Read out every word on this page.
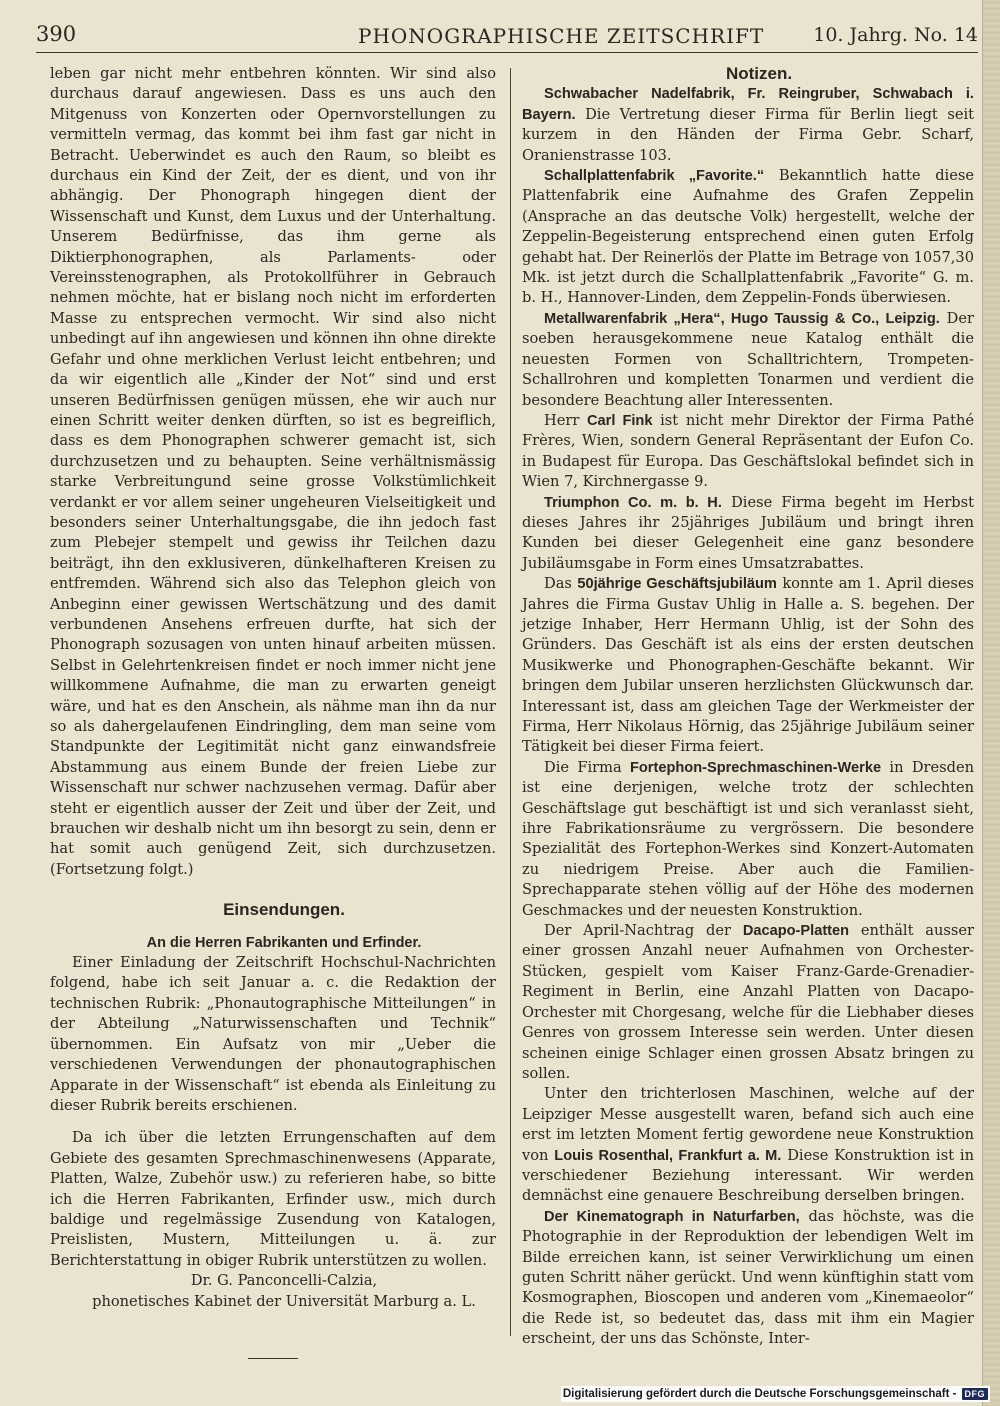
390	PHONOGRAPHISCHE ZEITSCHRIFT	10. Jahrg. No. 14

leben gar nicht mehr entbehren könnten. Wir sind also durchaus darauf angewiesen. Dass es uns auch den Mitgenuss von Konzerten oder Opernvorstellungen zu vermitteln vermag, das kommt bei ihm fast gar nicht in Betracht. Ueberwindet es auch den Raum, so bleibt es durchaus ein Kind der Zeit, der es dient, und von ihr abhängig. Der Phonograph hingegen dient der Wissenschaft und Kunst, dem Luxus und der Unterhaltung. Unserem Bedürfnisse, das ihm gerne als Diktierphonographen, als Parlaments- oder Vereinsstenographen, als Protokollführer in Gebrauch nehmen möchte, hat er bislang noch nicht im erforderten Masse zu entsprechen vermocht. Wir sind also nicht unbedingt auf ihn angewiesen und können ihn ohne direkte Gefahr und ohne merklichen Verlust leicht entbehren; und da wir eigentlich alle „Kinder der Not“ sind und erst unseren Bedürfnissen genügen müssen, ehe wir auch nur einen Schritt weiter denken dürften, so ist es begreiflich, dass es dem Phonographen schwerer gemacht ist, sich durchzusetzen und zu behaupten. Seine verhältnismässig starke Verbreitungund seine grosse Volkstümlichkeit verdankt er vor allem seiner ungeheuren Vielseitigkeit und besonders seiner Unterhaltungsgabe, die ihn jedoch fast zum Plebejer stempelt und gewiss ihr Teilchen dazu beiträgt, ihn den exklusiveren, dünkelhafteren Kreisen zu entfremden. Während sich also das Telephon gleich von Anbeginn einer gewissen Wertschätzung und des damit verbundenen Ansehens erfreuen durfte, hat sich der Phonograph sozusagen von unten hinauf arbeiten müssen. Selbst in Gelehrtenkreisen findet er noch immer nicht jene willkommene Aufnahme, die man zu erwarten geneigt wäre, und hat es den Anschein, als nähme man ihn da nur so als dahergelaufenen Eindringling, dem man seine vom Standpunkte der Legitimität nicht ganz einwandsfreie Abstammung aus einem Bunde der freien Liebe zur Wissenschaft nur schwer nachzusehen vermag. Dafür aber steht er eigentlich ausser der Zeit und über der Zeit, und brauchen wir deshalb nicht um ihn besorgt zu sein, denn er hat somit auch genügend Zeit, sich durchzusetzen. (Fortsetzung folgt.)

Einsendungen.

An die Herren Fabrikanten und Erfinder.

Einer Einladung der Zeitschrift Hochschul-Nachrichten folgend, habe ich seit Januar a. c. die Redaktion der technischen Rubrik: „Phonautographische Mitteilungen“ in der Abteilung „Naturwissenschaften und Technik“ übernommen. Ein Aufsatz von mir „Ueber die verschiedenen Verwendungen der phonautographischen Apparate in der Wissenschaft“ ist ebenda als Einleitung zu dieser Rubrik bereits erschienen.

Da ich über die letzten Errungenschaften auf dem Gebiete des gesamten Sprechmaschinenwesens (Apparate, Platten, Walze, Zubehör usw.) zu referieren habe, so bitte ich die Herren Fabrikanten, Erfinder usw., mich durch baldige und regelmässige Zusendung von Katalogen, Preislisten, Mustern, Mitteilungen u. ä. zur Berichterstattung in obiger Rubrik unterstützen zu wollen.

Dr. G. Panconcelli-Calzia,

phonetisches Kabinet der Universität Marburg a. L.

Notizen.

Schwabacher Nadelfabrik, Fr. Reingruber, Schwabach i. Bayern. Die Vertretung dieser Firma für Berlin liegt seit kurzem in den Händen der Firma Gebr. Scharf, Oranienstrasse 103.

Schallplattenfabrik „Favorite.“ Bekanntlich hatte diese Plattenfabrik eine Aufnahme des Grafen Zeppelin (Ansprache an das deutsche Volk) hergestellt, welche der Zeppelin-Begeisterung entsprechend einen guten Erfolg gehabt hat. Der Reinerlös der Platte im Betrage von 1057,30 Mk. ist jetzt durch die Schallplattenfabrik „Favorite“ G. m. b. H., Hannover-Linden, dem Zeppelin-Fonds überwiesen.

Metallwarenfabrik „Hera“, Hugo Taussig & Co., Leipzig. Der soeben herausgekommene neue Katalog enthält die neuesten Formen von Schalltrichtern, Trompeten-Schallrohren und kompletten Tonarmen und verdient die besondere Beachtung aller Interessenten.

Herr Carl Fink ist nicht mehr Direktor der Firma Pathé Frères, Wien, sondern General Repräsentant der Eufon Co. in Budapest für Europa. Das Geschäftslokal befindet sich in Wien 7, Kirchnergasse 9.

Triumphon Co. m. b. H. Diese Firma begeht im Herbst dieses Jahres ihr 25jähriges Jubiläum und bringt ihren Kunden bei dieser Gelegenheit eine ganz besondere Jubiläumsgabe in Form eines Umsatzrabattes.

Das 50jährige Geschäftsjubiläum konnte am 1. April dieses Jahres die Firma Gustav Uhlig in Halle a. S. begehen. Der jetzige Inhaber, Herr Hermann Uhlig, ist der Sohn des Gründers. Das Geschäft ist als eins der ersten deutschen Musikwerke und Phonographen-Geschäfte bekannt. Wir bringen dem Jubilar unseren herzlichsten Glückwunsch dar. Interessant ist, dass am gleichen Tage der Werkmeister der Firma, Herr Nikolaus Hörnig, das 25jährige Jubiläum seiner Tätigkeit bei dieser Firma feiert.

Die Firma Fortephon-Sprechmaschinen-Werke in Dresden ist eine derjenigen, welche trotz der schlechten Geschäftslage gut beschäftigt ist und sich veranlasst sieht, ihre Fabrikationsräume zu vergrössern. Die besondere Spezialität des Fortephon-Werkes sind Konzert-Automaten zu niedrigem Preise. Aber auch die Familien-Sprechapparate stehen völlig auf der Höhe des modernen Geschmackes und der neuesten Konstruktion.

Der April-Nachtrag der Dacapo-Platten enthält ausser einer grossen Anzahl neuer Aufnahmen von Orchester-Stücken, gespielt vom Kaiser Franz-Garde-Grenadier-Regiment in Berlin, eine Anzahl Platten von Dacapo-Orchester mit Chorgesang, welche für die Liebhaber dieses Genres von grossem Interesse sein werden. Unter diesen scheinen einige Schlager einen grossen Absatz bringen zu sollen.

Unter den trichterlosen Maschinen, welche auf der Leipziger Messe ausgestellt waren, befand sich auch eine erst im letzten Moment fertig gewordene neue Konstruktion von Louis Rosenthal, Frankfurt a. M. Diese Konstruktion ist in verschiedener Beziehung interessant. Wir werden demnächst eine genauere Beschreibung derselben bringen.

Der Kinematograph in Naturfarben, das höchste, was die Photographie in der Reproduktion der lebendigen Welt im Bilde erreichen kann, ist seiner Verwirklichung um einen guten Schritt näher gerückt. Und wenn künftighin statt vom Kosmographen, Bioscopen und anderen vom „Kinemaeolor“ die Rede ist, so bedeutet das, dass mit ihm ein Magier erscheint, der uns das Schönste, Inter-

Digitalisierung gefördert durch die Deutsche Forschungsgemeinschaft - DFG
